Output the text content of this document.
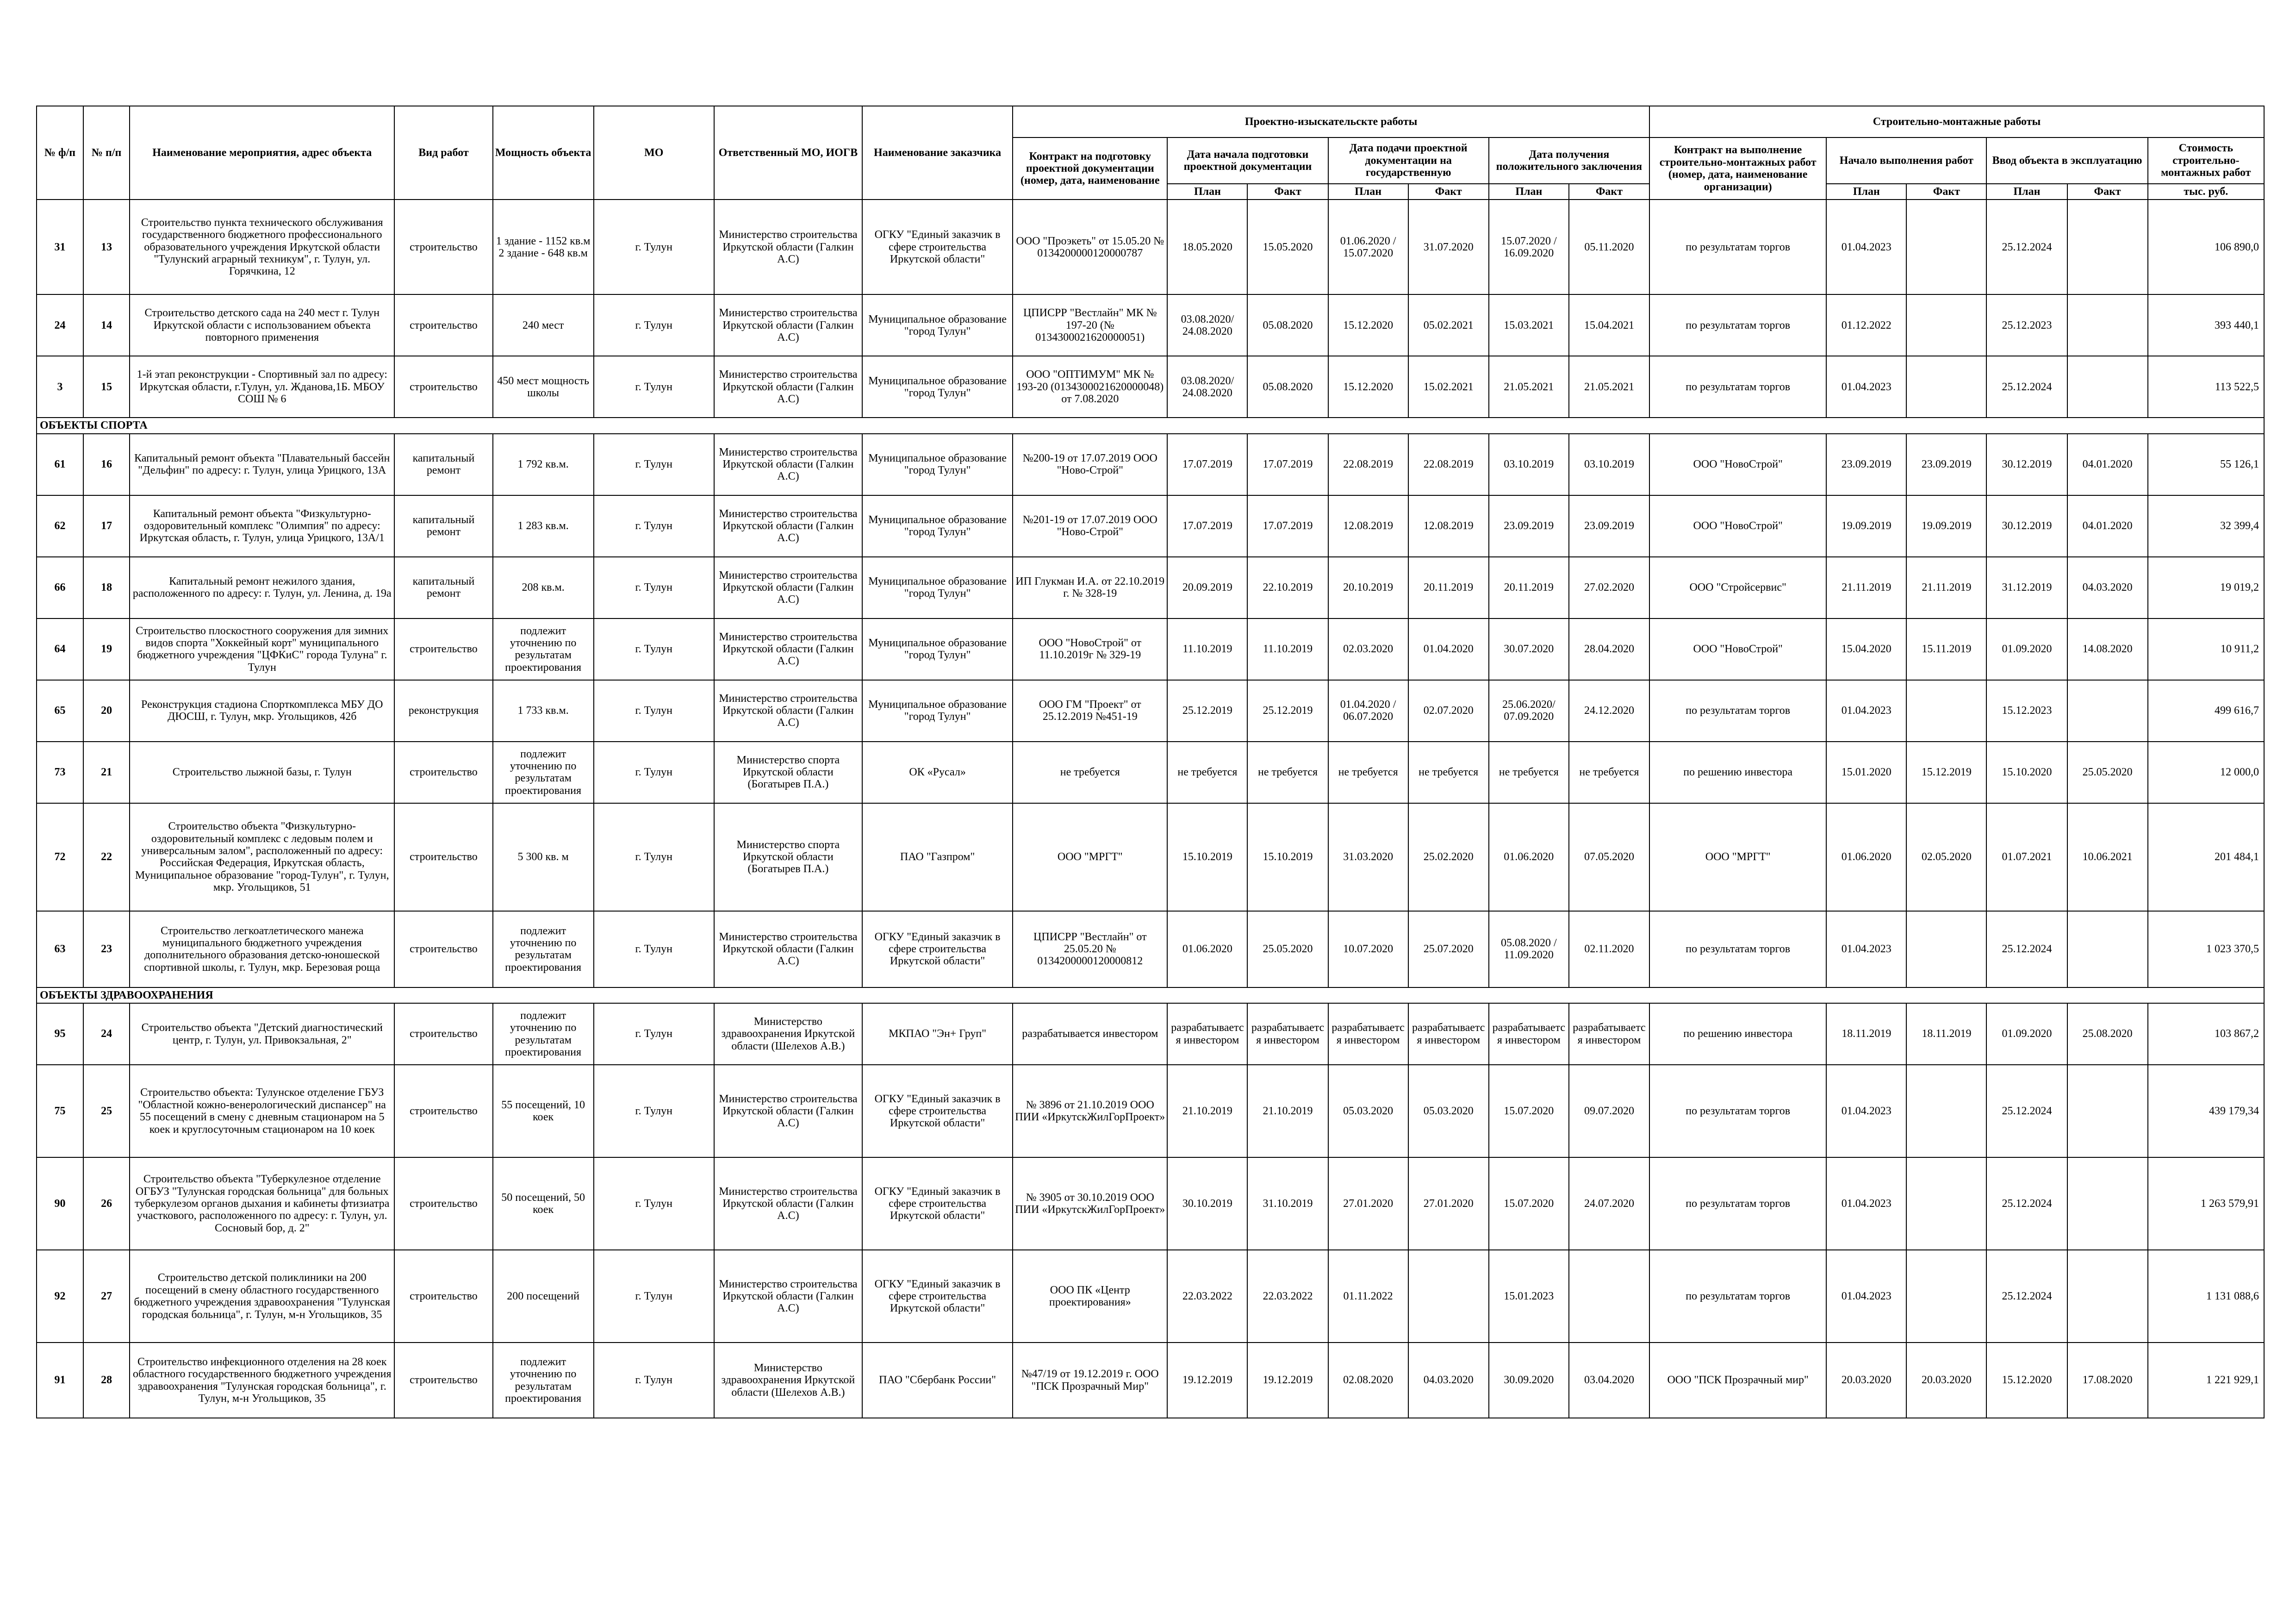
№ ф/п	№ п/п	Наименование мероприятия, адрес объекта	Вид работ	Мощность объекта	МО	Ответственный МО, ИОГВ	Наименование заказчика	Проектно-изыскательскте работы							Строительно-монтажные работы					
								Контракт на подготовку проектной документации (номер, дата, наименование	Дата начала подготовки проектной документации		Дата подачи проектной документации на государственную		Дата получения положительного заключения		Контракт на выполнение строительно-монтажных работ (номер, дата, наименование организации)	Начало выполнения работ		Ввод объекта в эксплуатацию		Стоимость строительно-монтажных работ
									План	Факт	План	Факт	План	Факт		План	Факт	План	Факт	тыс. руб.
31	13	Строительство пункта технического обслуживания государственного бюджетного профессионального образовательного учреждения Иркутской области "Тулунский аграрный техникум", г. Тулун, ул. Горячкина, 12	строительство	1 здание - 1152 кв.м 2 здание - 648 кв.м	г. Тулун	Министерство строительства Иркутской области (Галкин А.С)	ОГКУ "Единый заказчик в сфере строительства Иркутской области"	ООО "Проэкеть" от 15.05.20 № 0134200000120000787	18.05.2020	15.05.2020	01.06.2020 / 15.07.2020	31.07.2020	15.07.2020 / 16.09.2020	05.11.2020	по результатам торгов	01.04.2023		25.12.2024		106 890,0
24	14	Строительство детского сада на 240 мест г. Тулун Иркутской области с использованием объекта повторного применения	строительство	240 мест	г. Тулун	Министерство строительства Иркутской области (Галкин А.С)	Муниципальное образование "город Тулун"	ЦПИСРР "Вестлайн" МК № 197-20 (№ 0134300021620000051)	03.08.2020/ 24.08.2020	05.08.2020	15.12.2020	05.02.2021	15.03.2021	15.04.2021	по результатам торгов	01.12.2022		25.12.2023		393 440,1
3	15	1-й этап реконструкции - Спортивный зал по адресу: Иркутская области, г.Тулун, ул. Жданова,1Б. МБОУ СОШ № 6	строительство	450 мест мощность школы	г. Тулун	Министерство строительства Иркутской области (Галкин А.С)	Муниципальное образование "город Тулун"	ООО "ОПТИМУМ" МК № 193-20 (0134300021620000048) от 7.08.2020	03.08.2020/ 24.08.2020	05.08.2020	15.12.2020	15.02.2021	21.05.2021	21.05.2021	по результатам торгов	01.04.2023		25.12.2024		113 522,5
ОБЪЕКТЫ СПОРТА																				
61	16	Капитальный ремонт объекта "Плавательный бассейн "Дельфин" по адресу: г. Тулун, улица Урицкого, 13А	капитальный ремонт	1 792 кв.м.	г. Тулун	Министерство строительства Иркутской области (Галкин А.С)	Муниципальное образование "город Тулун"	№200-19 от 17.07.2019 ООО "Ново-Строй"	17.07.2019	17.07.2019	22.08.2019	22.08.2019	03.10.2019	03.10.2019	ООО "НовоСтрой"	23.09.2019	23.09.2019	30.12.2019	04.01.2020	55 126,1
62	17	Капитальный ремонт объекта "Физкультурно-оздоровительный комплекс "Олимпия" по адресу: Иркутская область, г. Тулун, улица Урицкого, 13А/1	капитальный ремонт	1 283 кв.м.	г. Тулун	Министерство строительства Иркутской области (Галкин А.С)	Муниципальное образование "город Тулун"	№201-19 от 17.07.2019 ООО "Ново-Строй"	17.07.2019	17.07.2019	12.08.2019	12.08.2019	23.09.2019	23.09.2019	ООО "НовоСтрой"	19.09.2019	19.09.2019	30.12.2019	04.01.2020	32 399,4
66	18	Капитальный ремонт нежилого здания, расположенного по адресу: г. Тулун, ул. Ленина, д. 19а	капитальный ремонт	208 кв.м.	г. Тулун	Министерство строительства Иркутской области (Галкин А.С)	Муниципальное образование "город Тулун"	ИП Глукман И.А. от 22.10.2019 г. № 328-19	20.09.2019	22.10.2019	20.10.2019	20.11.2019	20.11.2019	27.02.2020	ООО "Стройсервис"	21.11.2019	21.11.2019	31.12.2019	04.03.2020	19 019,2
64	19	Строительство плоскостного сооружения для зимних видов спорта "Хоккейный корт" муниципального бюджетного учреждения "ЦФКиС" города Тулуна" г. Тулун	строительство	подлежит уточнению по результатам проектирования	г. Тулун	Министерство строительства Иркутской области (Галкин А.С)	Муниципальное образование "город Тулун"	ООО "НовоСтрой" от 11.10.2019г № 329-19	11.10.2019	11.10.2019	02.03.2020	01.04.2020	30.07.2020	28.04.2020	ООО "НовоСтрой"	15.04.2020	15.11.2019	01.09.2020	14.08.2020	10 911,2
65	20	Реконструкция стадиона Спорткомплекса МБУ ДО ДЮСШ, г. Тулун, мкр. Угольщиков, 42б	реконструкция	1 733 кв.м.	г. Тулун	Министерство строительства Иркутской области (Галкин А.С)	Муниципальное образование "город Тулун"	ООО ГМ "Проект" от 25.12.2019 №451-19	25.12.2019	25.12.2019	01.04.2020 / 06.07.2020	02.07.2020	25.06.2020/ 07.09.2020	24.12.2020	по результатам торгов	01.04.2023		15.12.2023		499 616,7
73	21	Строительство лыжной базы, г. Тулун	строительство	подлежит уточнению по результатам проектирования	г. Тулун	Министерство спорта Иркутской области (Богатырев П.А.)	ОК «Русал»	не требуется	не требуется	не требуется	не требуется	не требуется	не требуется	не требуется	по решению инвестора	15.01.2020	15.12.2019	15.10.2020	25.05.2020	12 000,0
72	22	Строительство объекта "Физкультурно-оздоровительный комплекс с ледовым полем и универсальным залом", расположенный по адресу: Российская Федерация, Иркутская область, Муниципальное образование "город-Тулун", г. Тулун, мкр. Угольщиков, 51	строительство	5 300 кв. м	г. Тулун	Министерство спорта Иркутской области (Богатырев П.А.)	ПАО "Газпром"	ООО "МРГТ"	15.10.2019	15.10.2019	31.03.2020	25.02.2020	01.06.2020	07.05.2020	ООО "МРГТ"	01.06.2020	02.05.2020	01.07.2021	10.06.2021	201 484,1
63	23	Строительство легкоатлетического манежа муниципального бюджетного учреждения дополнительного образования детско-юношеской спортивной школы, г. Тулун, мкр. Березовая роща	строительство	подлежит уточнению по результатам проектирования	г. Тулун	Министерство строительства Иркутской области (Галкин А.С)	ОГКУ "Единый заказчик в сфере строительства Иркутской области"	ЦПИСРР "Вестлайн" от 25.05.20 № 0134200000120000812	01.06.2020	25.05.2020	10.07.2020	25.07.2020	05.08.2020 / 11.09.2020	02.11.2020	по результатам торгов	01.04.2023		25.12.2024		1 023 370,5
ОБЪЕКТЫ ЗДРАВООХРАНЕНИЯ																				
95	24	Строительство объекта "Детский диагностический центр, г. Тулун, ул. Привокзальная, 2"	строительство	подлежит уточнению по результатам проектирования	г. Тулун	Министерство здравоохранения Иркутской области (Шелехов А.В.)	МКПАО "Эн+ Груп"	разрабатывается инвестором	разрабатывается инвестором	разрабатывается инвестором	разрабатывается инвестором	разрабатывается инвестором	разрабатывается инвестором	разрабатывается инвестором	по решению инвестора	18.11.2019	18.11.2019	01.09.2020	25.08.2020	103 867,2
75	25	Строительство объекта: Тулунское отделение ГБУЗ "Областной кожно-венерологический диспансер" на 55 посещений в смену с дневным стационаром на 5 коек и круглосуточным стационаром на 10 коек	строительство	55 посещений, 10 коек	г. Тулун	Министерство строительства Иркутской области (Галкин А.С)	ОГКУ "Единый заказчик в сфере строительства Иркутской области"	№ 3896 от 21.10.2019 ООО ПИИ «ИркутскЖилГорПроект»	21.10.2019	21.10.2019	05.03.2020	05.03.2020	15.07.2020	09.07.2020	по результатам торгов	01.04.2023		25.12.2024		439 179,34
90	26	Строительство объекта "Туберкулезное отделение ОГБУЗ "Тулунская городская больница" для больных туберкулезом органов дыхания и кабинеты фтизиатра участкового, расположенного по адресу: г. Тулун, ул. Сосновый бор, д. 2"	строительство	50 посещений, 50 коек	г. Тулун	Министерство строительства Иркутской области (Галкин А.С)	ОГКУ "Единый заказчик в сфере строительства Иркутской области"	№ 3905 от 30.10.2019 ООО ПИИ «ИркутскЖилГорПроект»	30.10.2019	31.10.2019	27.01.2020	27.01.2020	15.07.2020	24.07.2020	по результатам торгов	01.04.2023		25.12.2024		1 263 579,91
92	27	Строительство детской поликлиники на 200 посещений в смену областного государственного бюджетного учреждения здравоохранения "Тулунская городская больница", г. Тулун, м-н Угольщиков, 35	строительство	200 посещений	г. Тулун	Министерство строительства Иркутской области (Галкин А.С)	ОГКУ "Единый заказчик в сфере строительства Иркутской области"	ООО ПК «Центр проектирования»	22.03.2022	22.03.2022	01.11.2022		15.01.2023		по результатам торгов	01.04.2023		25.12.2024		1 131 088,6
91	28	Строительство инфекционного отделения на 28 коек областного государственного бюджетного учреждения здравоохранения "Тулунская городская больница", г. Тулун, м-н Угольщиков, 35	строительство	подлежит уточнению по результатам проектирования	г. Тулун	Министерство здравоохранения Иркутской области (Шелехов А.В.)	ПАО "Сбербанк России"	№47/19 от 19.12.2019 г. ООО "ПСК Прозрачный Мир"	19.12.2019	19.12.2019	02.08.2020	04.03.2020	30.09.2020	03.04.2020	ООО "ПСК Прозрачный мир"	20.03.2020	20.03.2020	15.12.2020	17.08.2020	1 221 929,1
